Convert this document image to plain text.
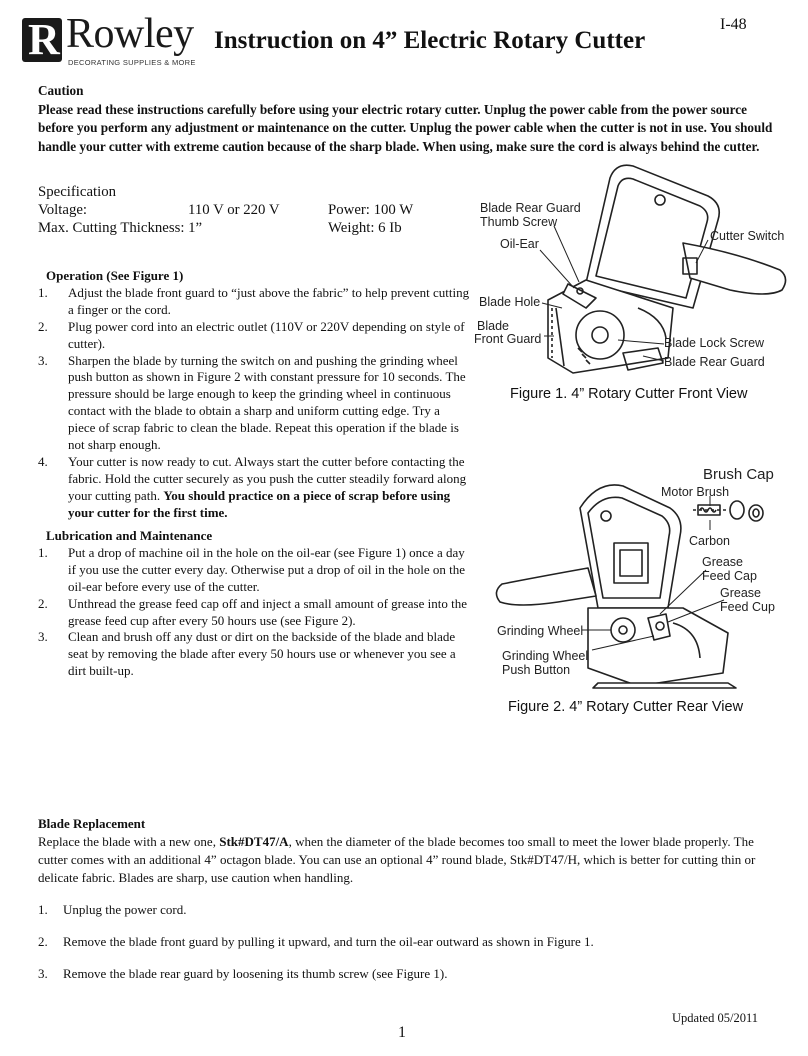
R Rowley
DECORATING SUPPLIES & MORE
Instruction on 4” Electric Rotary Cutter
I-48
Caution
Please read these instructions carefully before using your electric rotary cutter. Unplug the power cable from the power source before you perform any adjustment or maintenance on the cutter. Unplug the power cable when the cutter is not in use. You should handle your cutter with extreme caution because of the sharp blade. When using, make sure the cord is always behind the cutter.
Specification
Voltage:	110 V or 220 V	Power: 100 W
Max. Cutting Thickness: 1”	Weight: 6 Ib
Operation (See Figure 1)
1. Adjust the blade front guard to “just above the fabric” to help prevent cutting a finger or the cord.
2. Plug power cord into an electric outlet (110V or 220V depending on style of cutter).
3. Sharpen the blade by turning the switch on and pushing the grinding wheel push button as shown in Figure 2 with constant pressure for 10 seconds. The pressure should be large enough to keep the grinding wheel in continuous contact with the blade to obtain a sharp and uniform cutting edge. Try a piece of scrap fabric to clean the blade. Repeat this operation if the blade is not sharp enough.
4. Your cutter is now ready to cut. Always start the cutter before contacting the fabric. Hold the cutter securely as you push the cutter steadily forward along your cutting path. You should practice on a piece of scrap before using your cutter for the first time.
Lubrication and Maintenance
1. Put a drop of machine oil in the hole on the oil-ear (see Figure 1) once a day if you use the cutter every day. Otherwise put a drop of oil in the hole on the oil-ear before every use of the cutter.
2. Unthread the grease feed cap off and inject a small amount of grease into the grease feed cup after every 50 hours use (see Figure 2).
3. Clean and brush off any dust or dirt on the backside of the blade and blade seat by removing the blade after every 50 hours use or whenever you see a dirt built-up.
Blade Rear Guard
Thumb Screw
Oil-Ear
Cutter Switch
Blade Hole
Blade
Front Guard	Blade Lock Screw
Blade Rear Guard
Figure 1. 4” Rotary Cutter Front View
Brush Cap
Motor Brush
Carbon
Grease
Feed Cap
Grease
Feed Cup
Grinding Wheel
Grinding Wheel
Push Button
Figure 2. 4” Rotary Cutter Rear View
Blade Replacement
Replace the blade with a new one, Stk#DT47/A, when the diameter of the blade becomes too small to meet the lower blade properly. The cutter comes with an additional 4” octagon blade. You can use an optional 4” round blade, Stk#DT47/H, which is better for cutting thin or delicate fabric. Blades are sharp, use caution when handling.
1. Unplug the power cord.
2. Remove the blade front guard by pulling it upward, and turn the oil-ear outward as shown in Figure 1.
3. Remove the blade rear guard by loosening its thumb screw (see Figure 1).
Updated 05/2011
1
